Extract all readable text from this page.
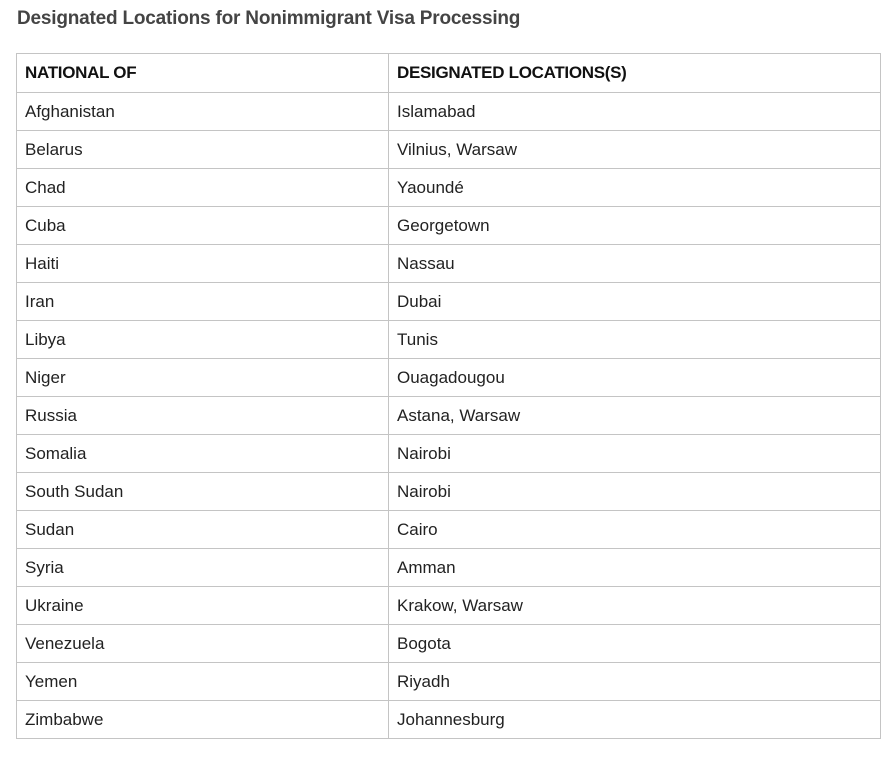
Designated Locations for Nonimmigrant Visa Processing
NATIONAL OF	DESIGNATED LOCATIONS(S)
Afghanistan	Islamabad
Belarus	Vilnius, Warsaw
Chad	Yaoundé
Cuba	Georgetown
Haiti	Nassau
Iran	Dubai
Libya	Tunis
Niger	Ouagadougou
Russia	Astana, Warsaw
Somalia	Nairobi
South Sudan	Nairobi
Sudan	Cairo
Syria	Amman
Ukraine	Krakow, Warsaw
Venezuela	Bogota
Yemen	Riyadh
Zimbabwe	Johannesburg
